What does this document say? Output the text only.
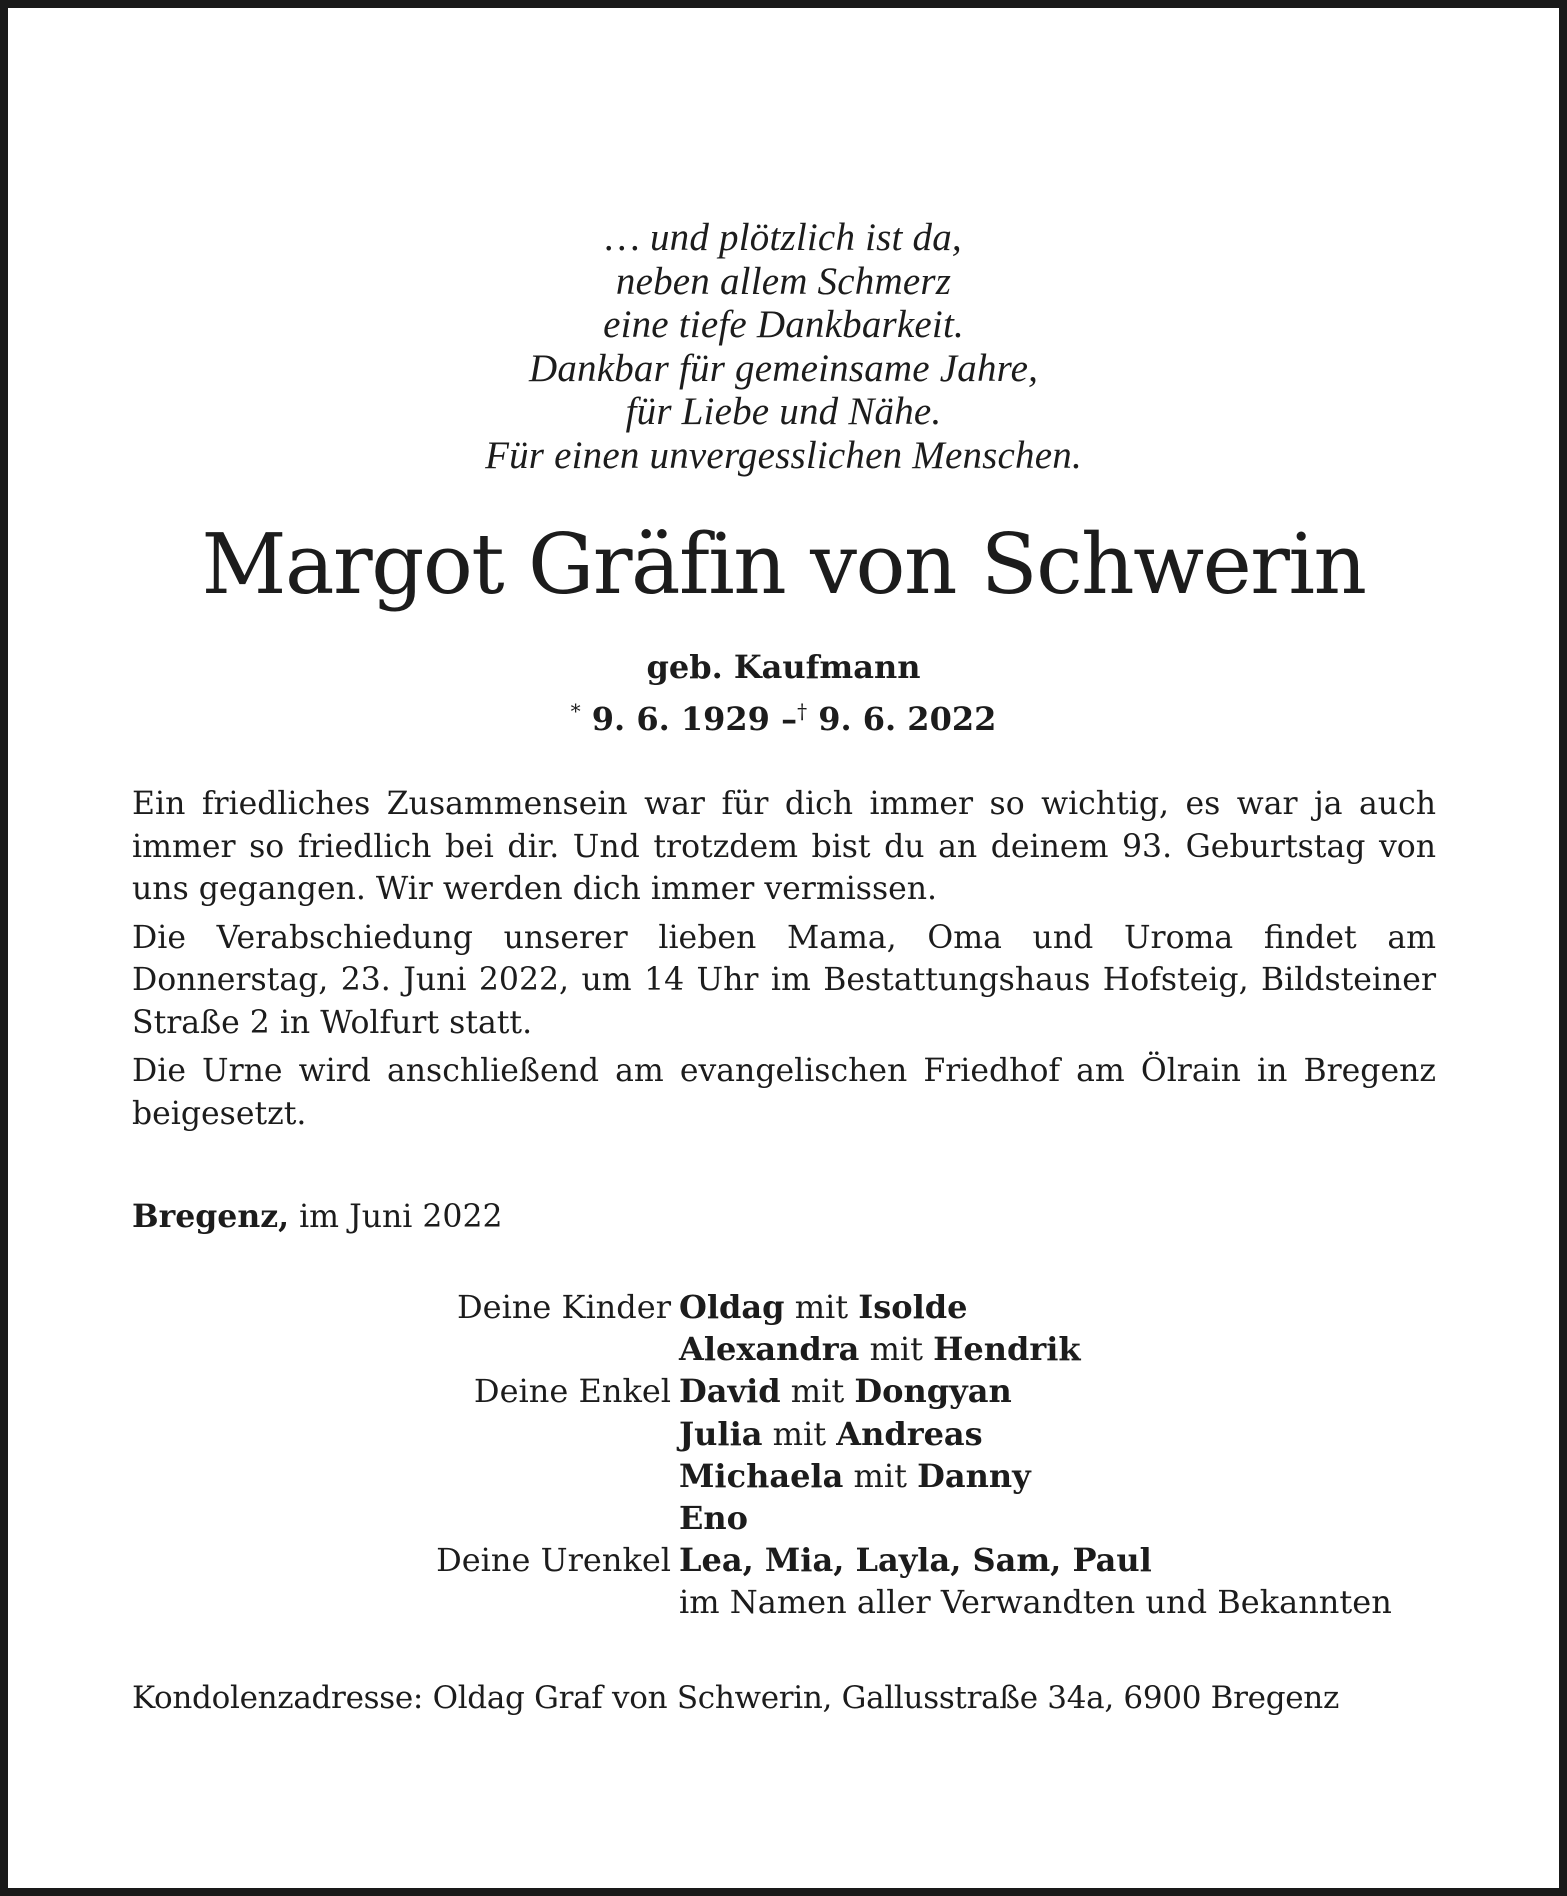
… und plötzlich ist da,
neben allem Schmerz
eine tiefe Dankbarkeit.
Dankbar für gemeinsame Jahre,
für Liebe und Nähe.
Für einen unvergesslichen Menschen.
Margot Gräfin von Schwerin
geb. Kaufmann
* 9. 6. 1929 –† 9. 6. 2022

Ein friedliches Zusammensein war für dich immer so wichtig, es war ja auch immer so friedlich bei dir. Und trotzdem bist du an deinem 93. Geburtstag von uns gegangen. Wir werden dich immer vermissen.

Die Verabschiedung unserer lieben Mama, Oma und Uroma findet am Donnerstag, 23. Juni 2022, um 14 Uhr im Bestattungshaus Hofsteig, Bildsteiner Straße 2 in Wolfurt statt.

Die Urne wird anschließend am evangelischen Friedhof am Ölrain in Bregenz beigesetzt.

Bregenz, im Juni 2022
Deine Kinder Oldag mit Isolde
Alexandra mit Hendrik
Deine Enkel David mit Dongyan
Julia mit Andreas
Michaela mit Danny
Eno
Deine Urenkel Lea, Mia, Layla, Sam, Paul
im Namen aller Verwandten und Bekannten
Kondolenzadresse: Oldag Graf von Schwerin, Gallusstraße 34a, 6900 Bregenz
